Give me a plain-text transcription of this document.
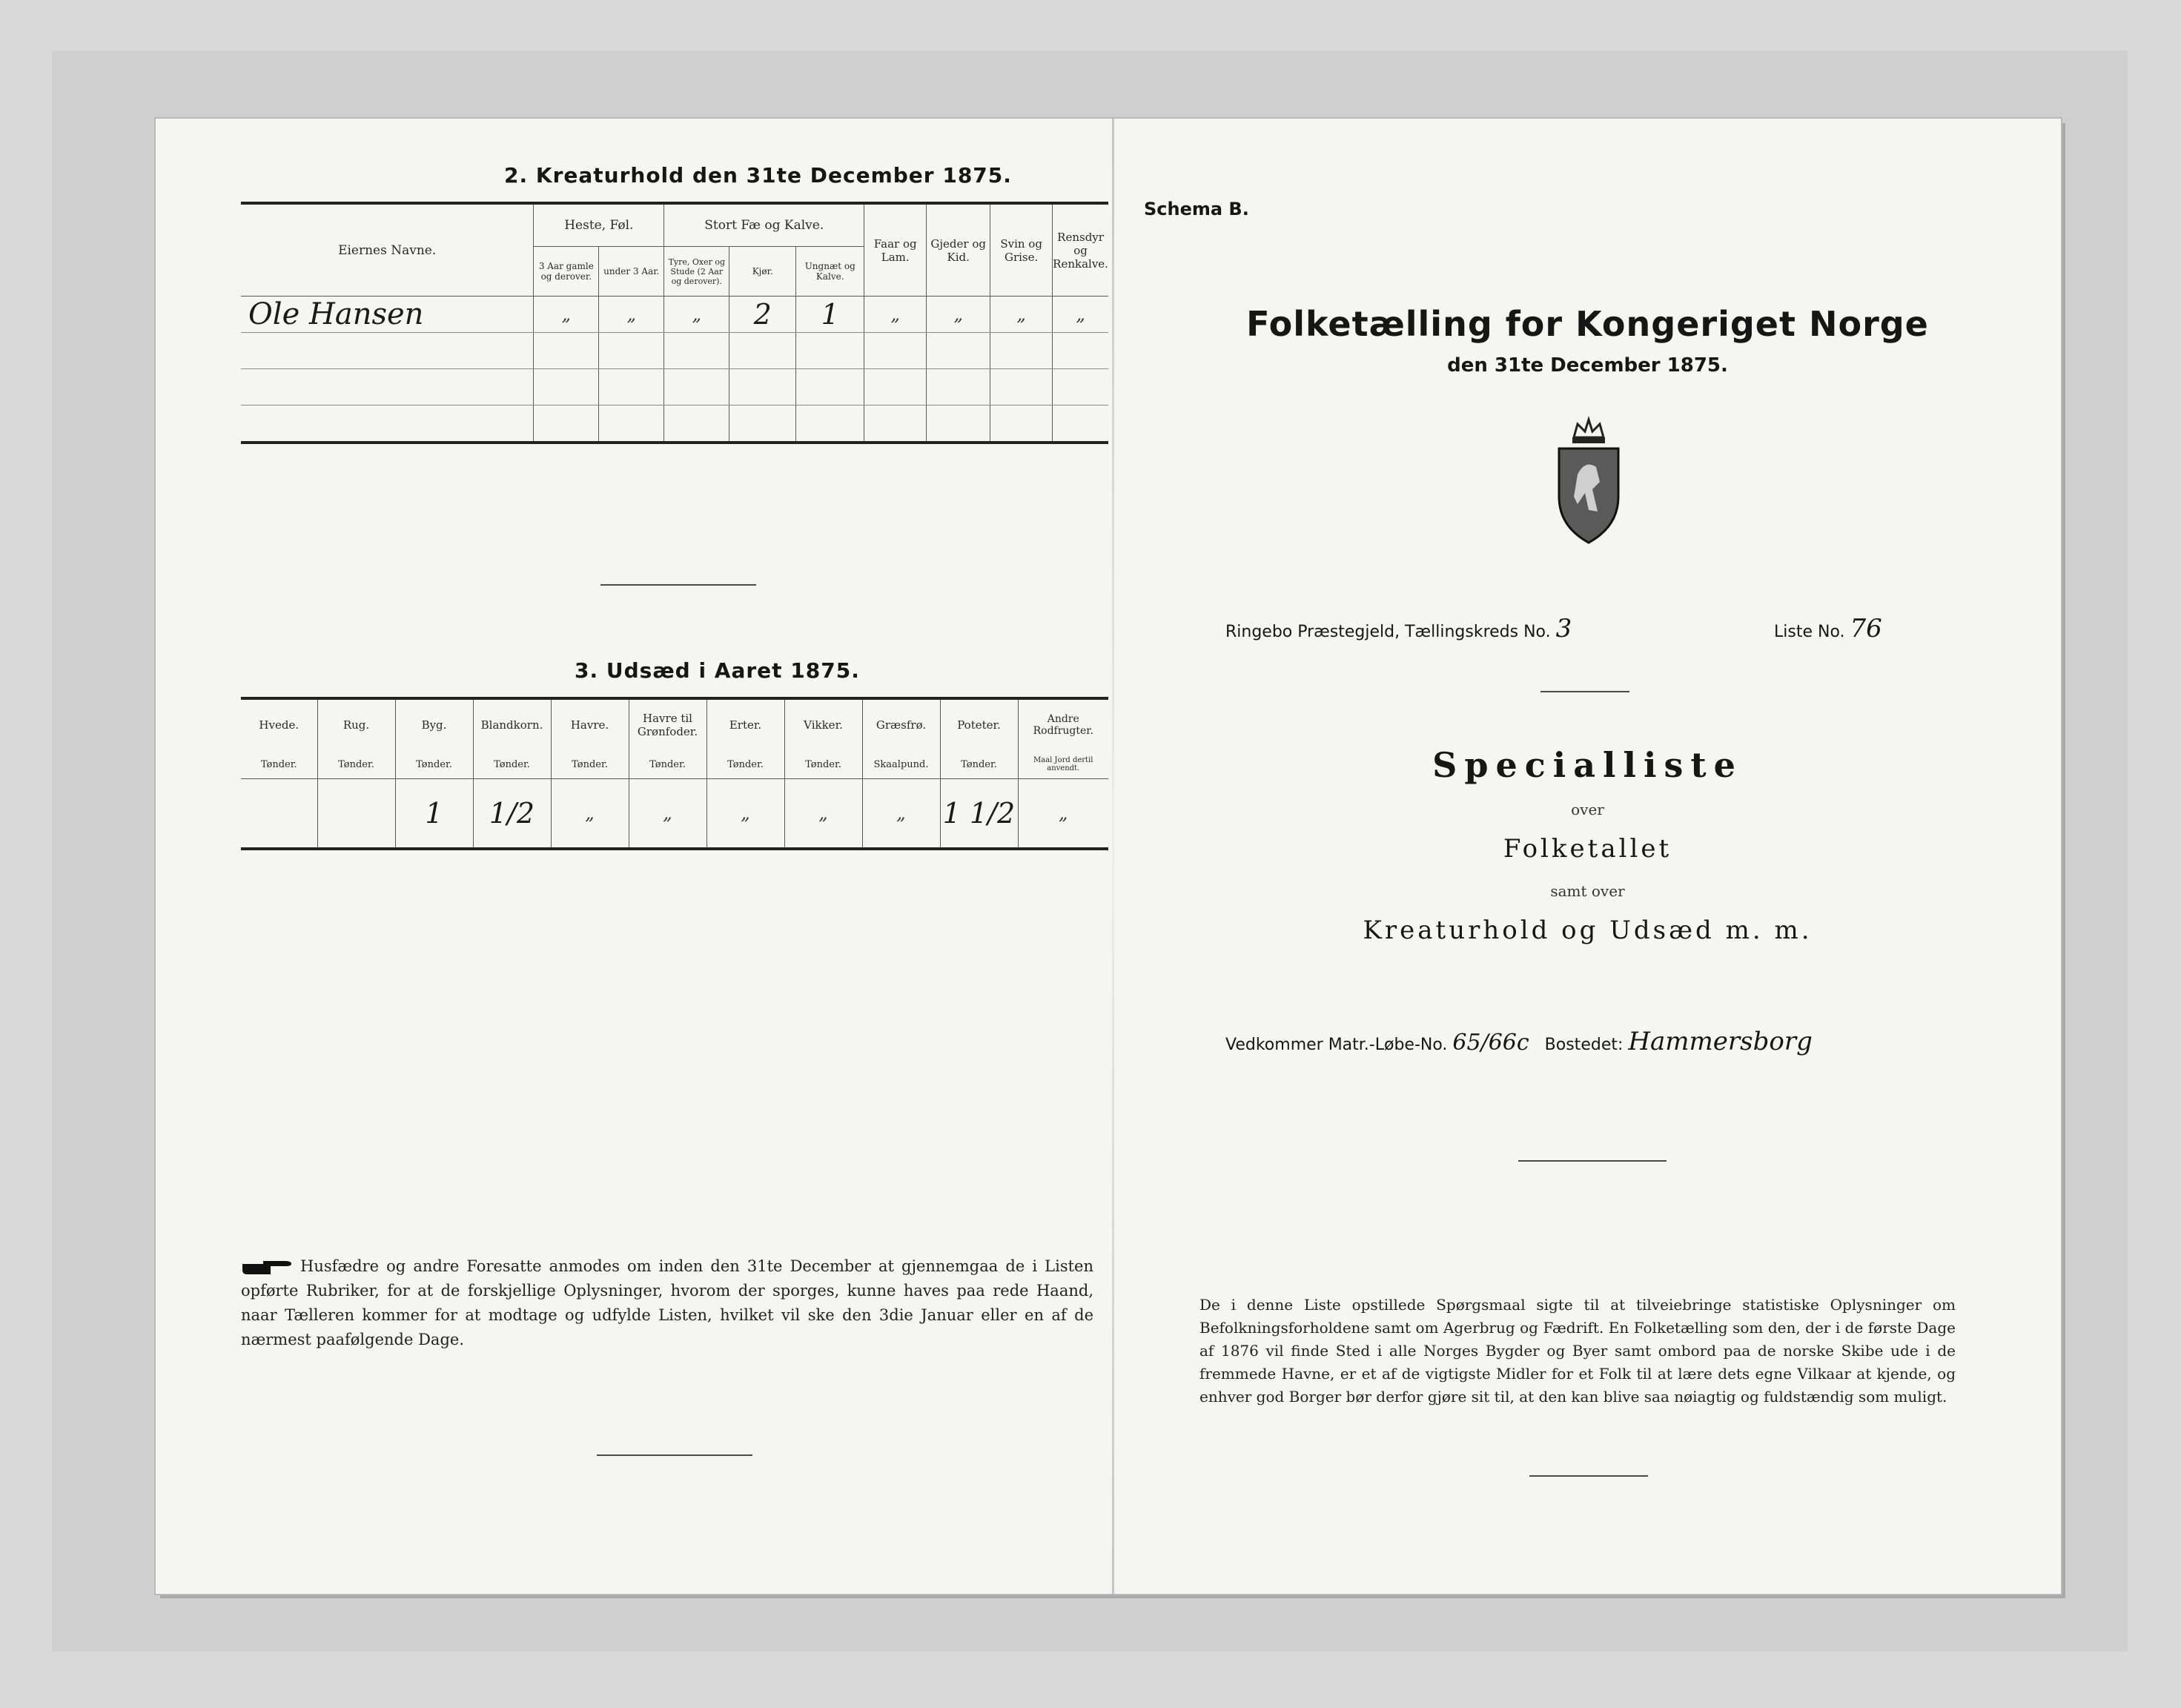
2. Kreaturhold den 31te December 1875.
Eiernes Navne.	Heste, Føl.		Stort Fæ og Kalve.			Faar og Lam.	Gjeder og Kid.	Svin og Grise.	Rensdyr og Renkalve.
	3 Aar gamle og derover.	under 3 Aar.	Tyre, Oxer og Stude (2 Aar og derover).	Kjør.	Ungnæt og Kalve.				
Ole Hansen	„	„	„	2	1	„	„	„	„

3. Udsæd i Aaret 1875.
Hvede.	Rug.	Byg.	Blandkorn.	Havre.	Havre til Grønfoder.	Erter.	Vikker.	Græsfrø.	Poteter.	Andre Rodfrugter.
Tønder.	Tønder.	Tønder.	Tønder.	Tønder.	Tønder.	Tønder.	Tønder.	Skaalpund.	Tønder.	Maal Jord dertil anvendt.
		1	1/2	„	„	„	„	„	1 1/2	„
Husfædre og andre Foresatte anmodes om inden den 31te December at gjennemgaa de i Listen opførte Rubriker, for at de forskjellige Oplysninger, hvorom der sporges, kunne haves paa rede Haand, naar Tælleren kommer for at modtage og udfylde Listen, hvilket vil ske den 3die Januar eller en af de nærmest paafølgende Dage.
Schema B.
Folketælling for Kongeriget Norge
den 31te December 1875.
Ringebo Præstegjeld, Tællingskreds No. 3	Liste No. 76
Specialliste
over
Folketallet
samt over
Kreaturhold og Udsæd m. m.
Vedkommer Matr.-Løbe-No. 65/66c Bostedet: Hammersborg
De i denne Liste opstillede Spørgsmaal sigte til at tilveiebringe statistiske Oplysninger om Befolkningsforholdene samt om Agerbrug og Fædrift. En Folketælling som den, der i de første Dage af 1876 vil finde Sted i alle Norges Bygder og Byer samt ombord paa de norske Skibe ude i de fremmede Havne, er et af de vigtigste Midler for et Folk til at lære dets egne Vilkaar at kjende, og enhver god Borger bør derfor gjøre sit til, at den kan blive saa nøiagtig og fuldstændig som muligt.
